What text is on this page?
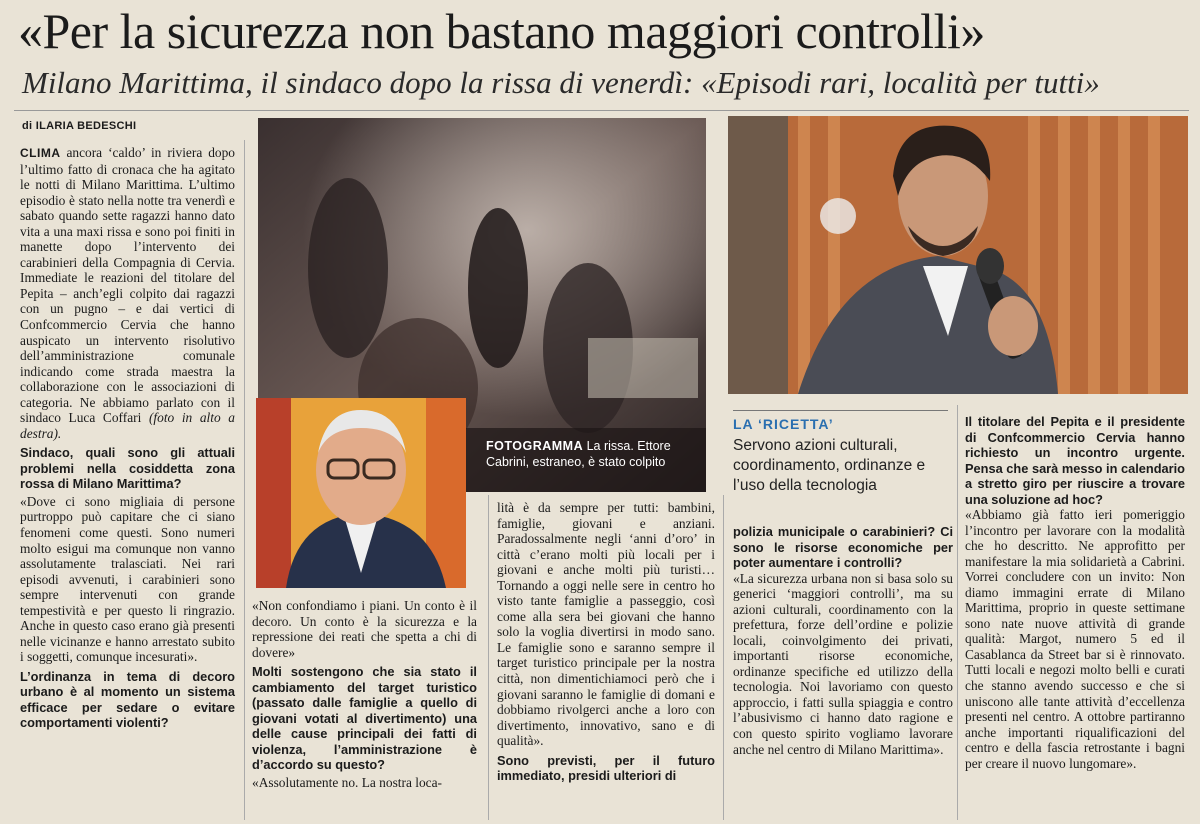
«Per la sicurezza non bastano maggiori controlli»
Milano Marittima, il sindaco dopo la rissa di venerdì: «Episodi rari, località per tutti»
di ILARIA BEDESCHI

CLIMA ancora ‘caldo’ in riviera dopo l’ultimo fatto di cronaca che ha agitato le notti di Milano Marittima. L’ultimo episodio è stato nella notte tra venerdì e sabato quando sette ragazzi hanno dato vita a una maxi rissa e sono poi finiti in manette dopo l’intervento dei carabinieri della Compagnia di Cervia. Immediate le reazioni del titolare del Pepita – anch’egli colpito dai ragazzi con un pugno – e dai vertici di Confcommercio Cervia che hanno auspicato un intervento risolutivo dell’amministrazione comunale indicando come strada maestra la collaborazione con le associazioni di categoria. Ne abbiamo parlato con il sindaco Luca Coffari (foto in alto a destra).

Sindaco, quali sono gli attuali problemi nella cosiddetta zona rossa di Milano Marittima?

«Dove ci sono migliaia di persone purtroppo può capitare che ci siano fenomeni come questi. Sono numeri molto esigui ma comunque non vanno assolutamente tralasciati. Nei rari episodi avvenuti, i carabinieri sono sempre intervenuti con grande tempestività e per questo li ringrazio. Anche in questo caso erano già presenti nelle vicinanze e hanno arrestato subito i soggetti, comunque incesurati».

L’ordinanza in tema di decoro urbano è al momento un sistema efficace per sedare o evitare comportamenti violenti?

FOTOGRAMMA La rissa. Ettore
Cabrini, estraneo, è stato colpito

«Non confondiamo i piani. Un conto è il decoro. Un conto è la sicurezza e la repressione dei reati che spetta a chi di dovere»

Molti sostengono che sia stato il cambiamento del target turistico (passato dalle famiglie a quello di giovani votati al divertimento) una delle cause principali dei fatti di violenza, l’amministrazione è d’accordo su questo?

«Assolutamente no. La nostra loca-

lità è da sempre per tutti: bambini, famiglie, giovani e anziani. Paradossalmente negli ‘anni d’oro’ in città c’erano molti più locali per i giovani e anche molti più turisti… Tornando a oggi nelle sere in centro ho visto tante famiglie a passeggio, così come alla sera bei giovani che hanno solo la voglia divertirsi in modo sano. Le famiglie sono e saranno sempre il target turistico principale per la nostra città, non dimentichiamoci però che i giovani saranno le famiglie di domani e dobbiamo rivolgerci anche a loro con divertimento, innovativo, sano e di qualità».

Sono previsti, per il futuro immediato, presidi ulteriori di

LA ‘RICETTA’
Servono azioni culturali, coordinamento, ordinanze e l’uso della tecnologia

polizia municipale o carabinieri? Ci sono le risorse economiche per poter aumentare i controlli?

«La sicurezza urbana non si basa solo su generici ‘maggiori controlli’, ma su azioni culturali, coordinamento con la prefettura, forze dell’ordine e polizie locali, coinvolgimento dei privati, importanti risorse economiche, ordinanze specifiche ed utilizzo della tecnologia. Noi lavoriamo con questo approccio, i fatti sulla spiaggia e contro l’abusivismo ci hanno dato ragione e con questo spirito vogliamo lavorare anche nel centro di Milano Marittima».

Il titolare del Pepita e il presidente di Confcommercio Cervia hanno richiesto un incontro urgente. Pensa che sarà messo in calendario a stretto giro per riuscire a trovare una soluzione ad hoc?

«Abbiamo già fatto ieri pomeriggio l’incontro per lavorare con la modalità che ho descritto. Ne approfitto per manifestare la mia solidarietà a Cabrini. Vorrei concludere con un invito: Non diamo immagini errate di Milano Marittima, proprio in queste settimane sono nate nuove attività di grande qualità: Margot, numero 5 ed il Casablanca da Street bar si è rinnovato. Tutti locali e negozi molto belli e curati che stanno avendo successo e che si uniscono alle tante attività d’eccellenza presenti nel centro. A ottobre partiranno anche importanti riqualificazioni del centro e della fascia retrostante i bagni per creare il nuovo lungomare».
